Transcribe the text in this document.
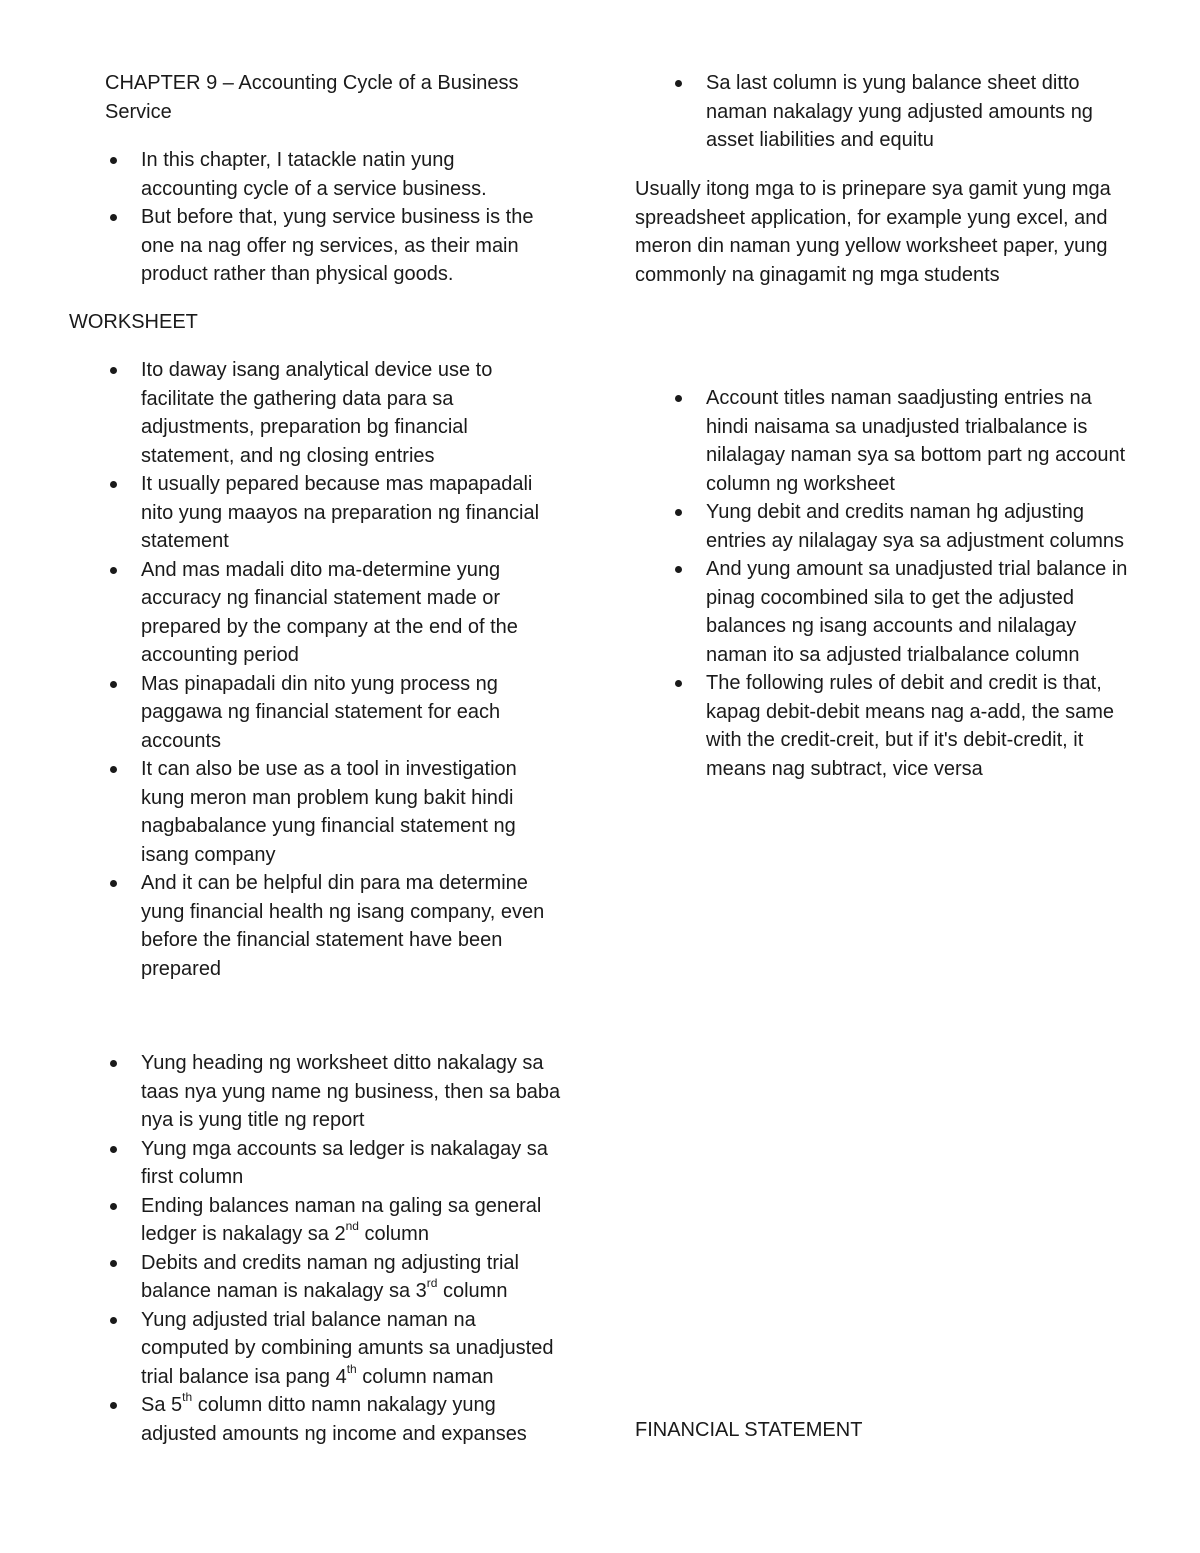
CHAPTER 9 – Accounting Cycle of a Business Service

In this chapter, I tatackle natin yung accounting cycle of a service business.
But before that, yung service business is the one na nag offer ng services, as their main product rather than physical goods.

WORKSHEET

Ito daway isang analytical device use to facilitate the gathering data para sa adjustments, preparation bg financial statement, and ng closing entries
It usually pepared because mas mapapadali nito yung maayos na preparation ng financial statement
And mas madali dito ma-determine yung accuracy ng financial statement made or prepared by the company at the end of the accounting period
Mas pinapadali din nito yung process ng paggawa ng financial statement for each accounts
It can also be use as a tool in investigation kung meron man problem kung bakit hindi nagbabalance yung financial statement ng isang company
And it can be helpful din para ma determine yung financial health ng isang company, even before the financial statement have been prepared
Yung heading ng worksheet ditto nakalagy sa taas nya yung name ng business, then sa baba nya is yung title ng report
Yung mga accounts sa ledger is nakalagay sa first column
Ending balances naman na galing sa general ledger is nakalagy sa 2nd column
Debits and credits naman ng adjusting trial balance naman is nakalagy sa 3rd column
Yung adjusted trial balance naman na computed by combining amunts sa unadjusted trial balance isa pang 4th column naman
Sa 5th column ditto namn nakalagy yung adjusted amounts ng income and expanses
Sa last column is yung balance sheet ditto naman nakalagy yung adjusted amounts ng asset liabilities and equitu

Usually itong mga to is prinepare sya gamit yung mga spreadsheet application, for example yung excel, and meron din naman yung yellow worksheet paper, yung commonly na ginagamit ng mga students

Account titles naman saadjusting entries na hindi naisama sa unadjusted trialbalance is nilalagay naman sya sa bottom part ng account column ng worksheet
Yung debit and credits naman hg adjusting entries ay nilalagay sya sa adjustment columns
And yung amount sa unadjusted trial balance in pinag cocombined sila to get the adjusted balances ng isang accounts and nilalagay naman ito sa adjusted trialbalance column
The following rules of debit and credit is that, kapag debit-debit means nag a-add, the same with the credit-creit, but if it's debit-credit, it means nag subtract, vice versa

FINANCIAL STATEMENT
